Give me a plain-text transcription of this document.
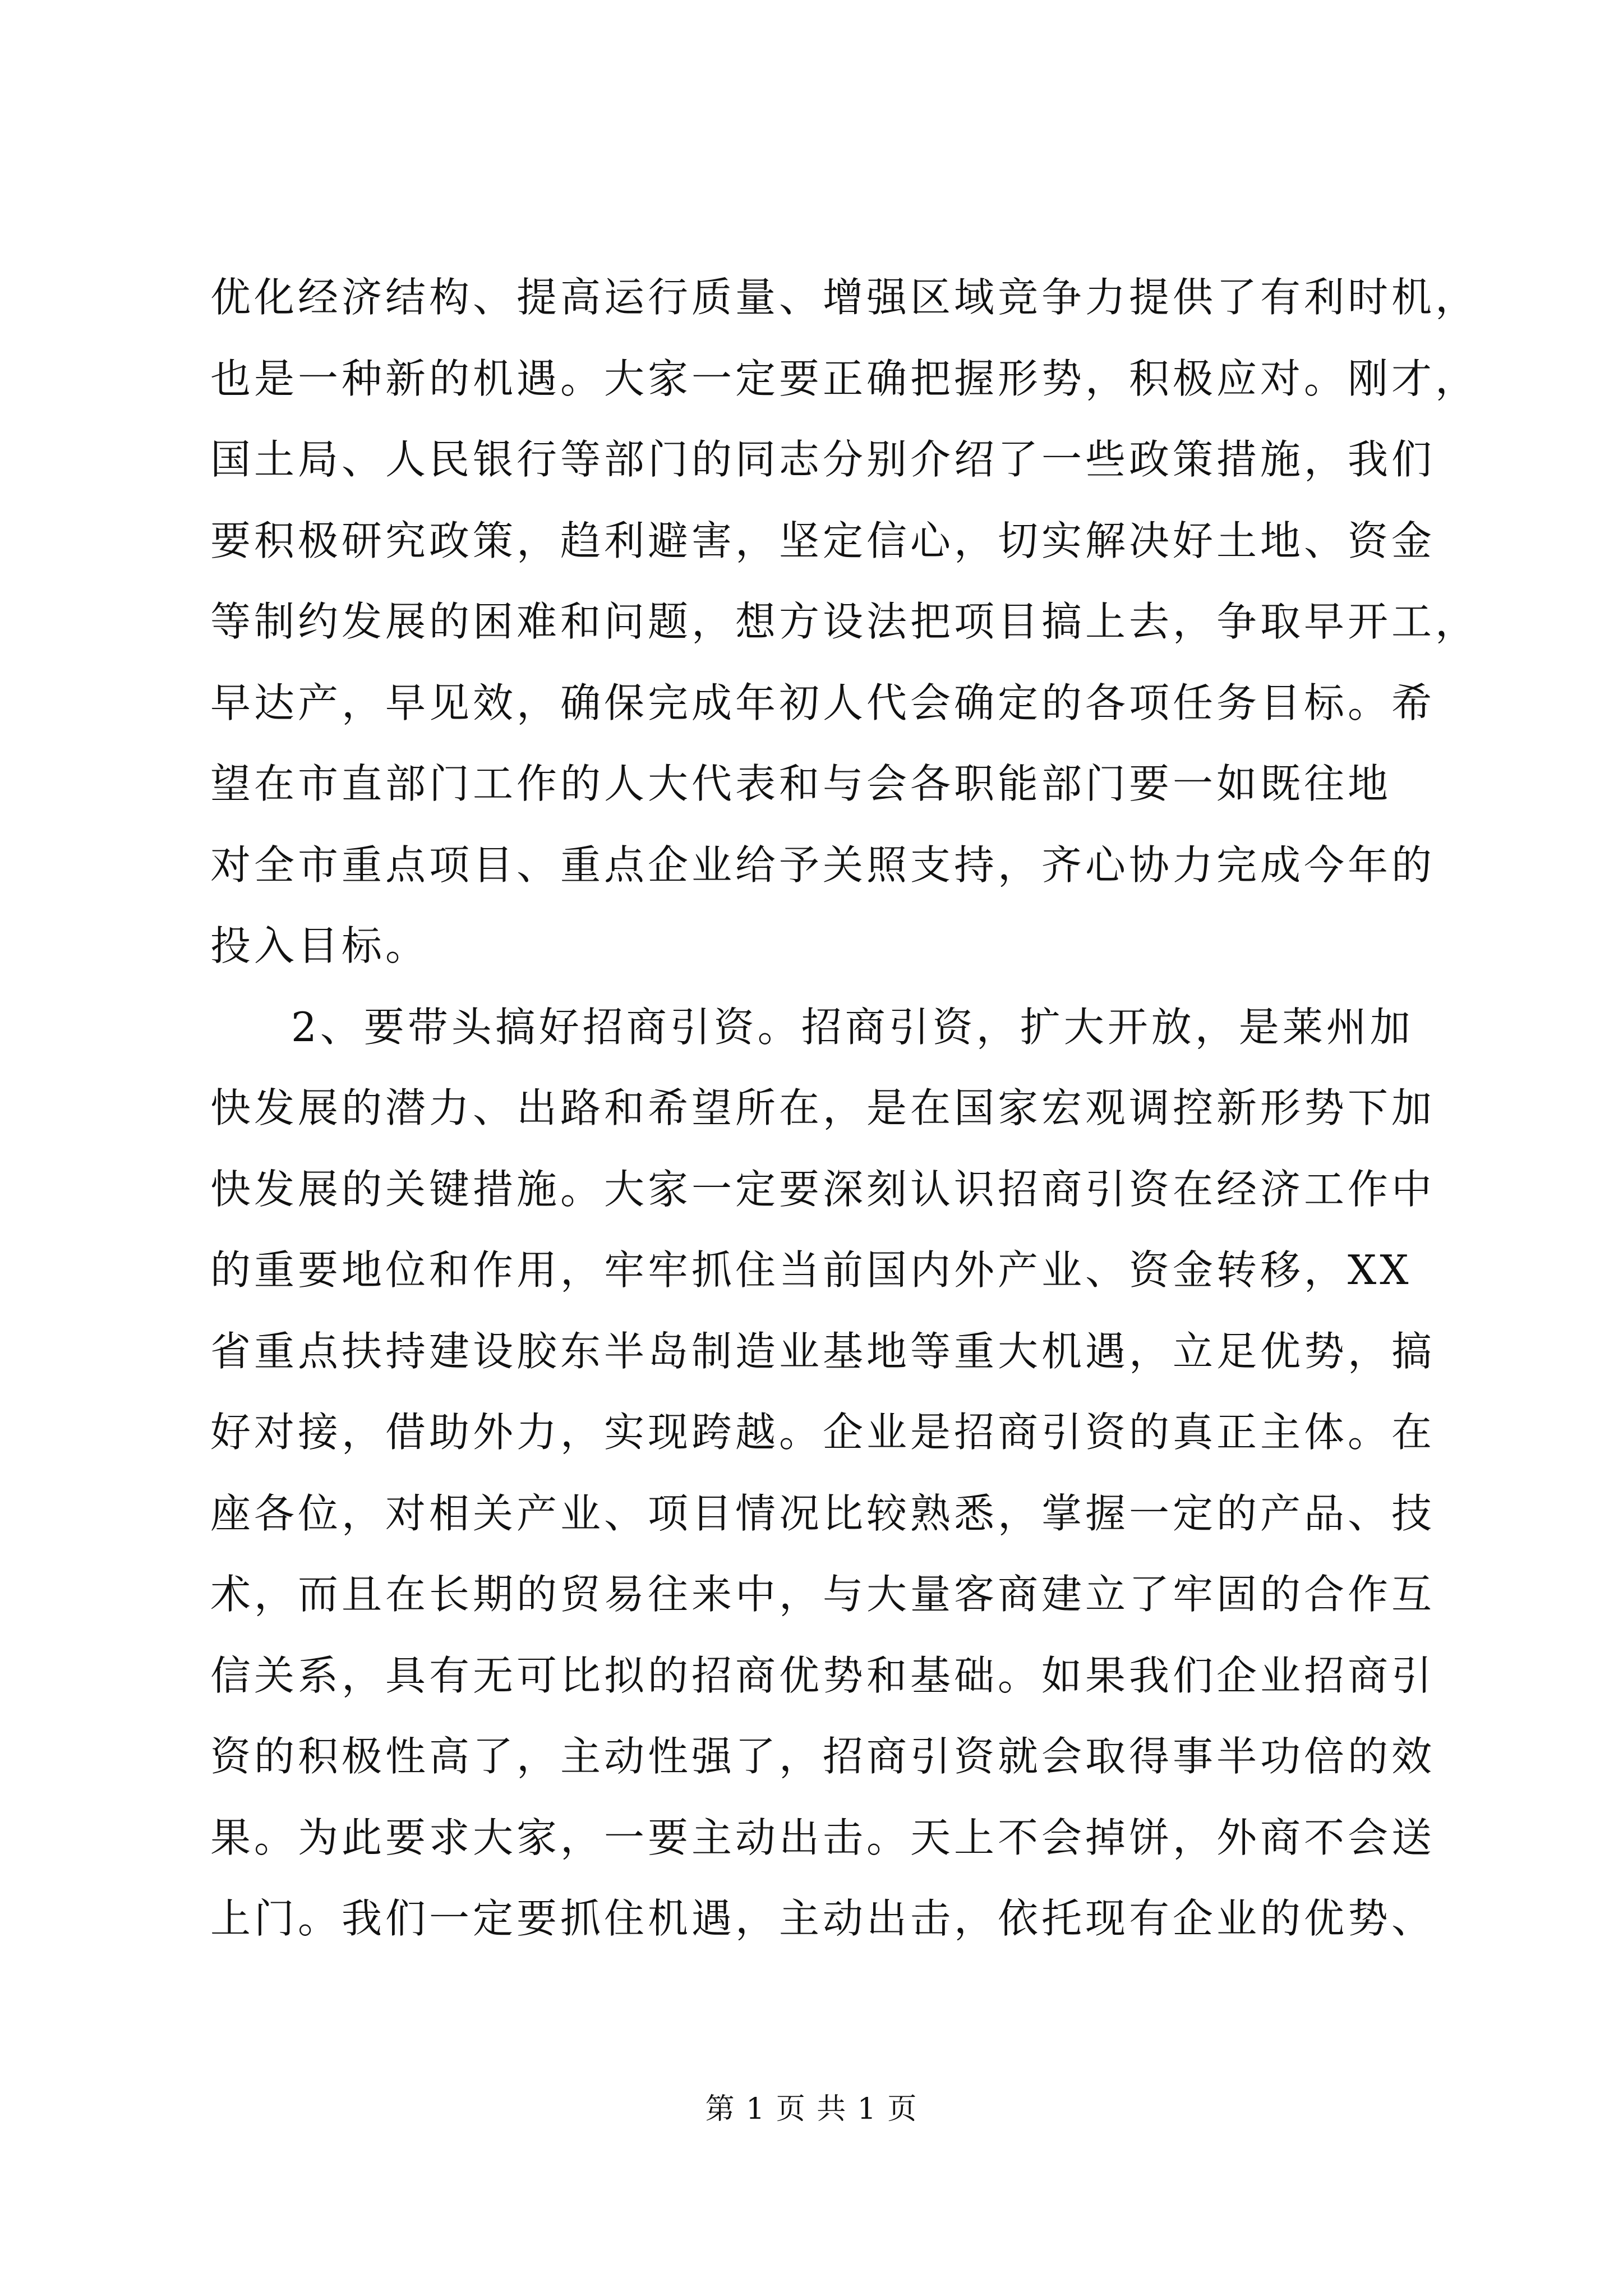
优化经济结构、提高运行质量、增强区域竞争力提供了有利时机，
也是一种新的机遇。大家一定要正确把握形势，积极应对。刚才，
国土局、人民银行等部门的同志分别介绍了一些政策措施，我们
要积极研究政策，趋利避害，坚定信心，切实解决好土地、资金
等制约发展的困难和问题，想方设法把项目搞上去，争取早开工，
早达产，早见效，确保完成年初人代会确定的各项任务目标。希
望在市直部门工作的人大代表和与会各职能部门要一如既往地
对全市重点项目、重点企业给予关照支持，齐心协力完成今年的
投入目标。
2、要带头搞好招商引资。招商引资，扩大开放，是莱州加
快发展的潜力、出路和希望所在，是在国家宏观调控新形势下加
快发展的关键措施。大家一定要深刻认识招商引资在经济工作中
的重要地位和作用，牢牢抓住当前国内外产业、资金转移，XX
省重点扶持建设胶东半岛制造业基地等重大机遇，立足优势，搞
好对接，借助外力，实现跨越。企业是招商引资的真正主体。在
座各位，对相关产业、项目情况比较熟悉，掌握一定的产品、技
术，而且在长期的贸易往来中，与大量客商建立了牢固的合作互
信关系，具有无可比拟的招商优势和基础。如果我们企业招商引
资的积极性高了，主动性强了，招商引资就会取得事半功倍的效
果。为此要求大家，一要主动出击。天上不会掉饼，外商不会送
上门。我们一定要抓住机遇，主动出击，依托现有企业的优势、
第 1 页 共 1 页
